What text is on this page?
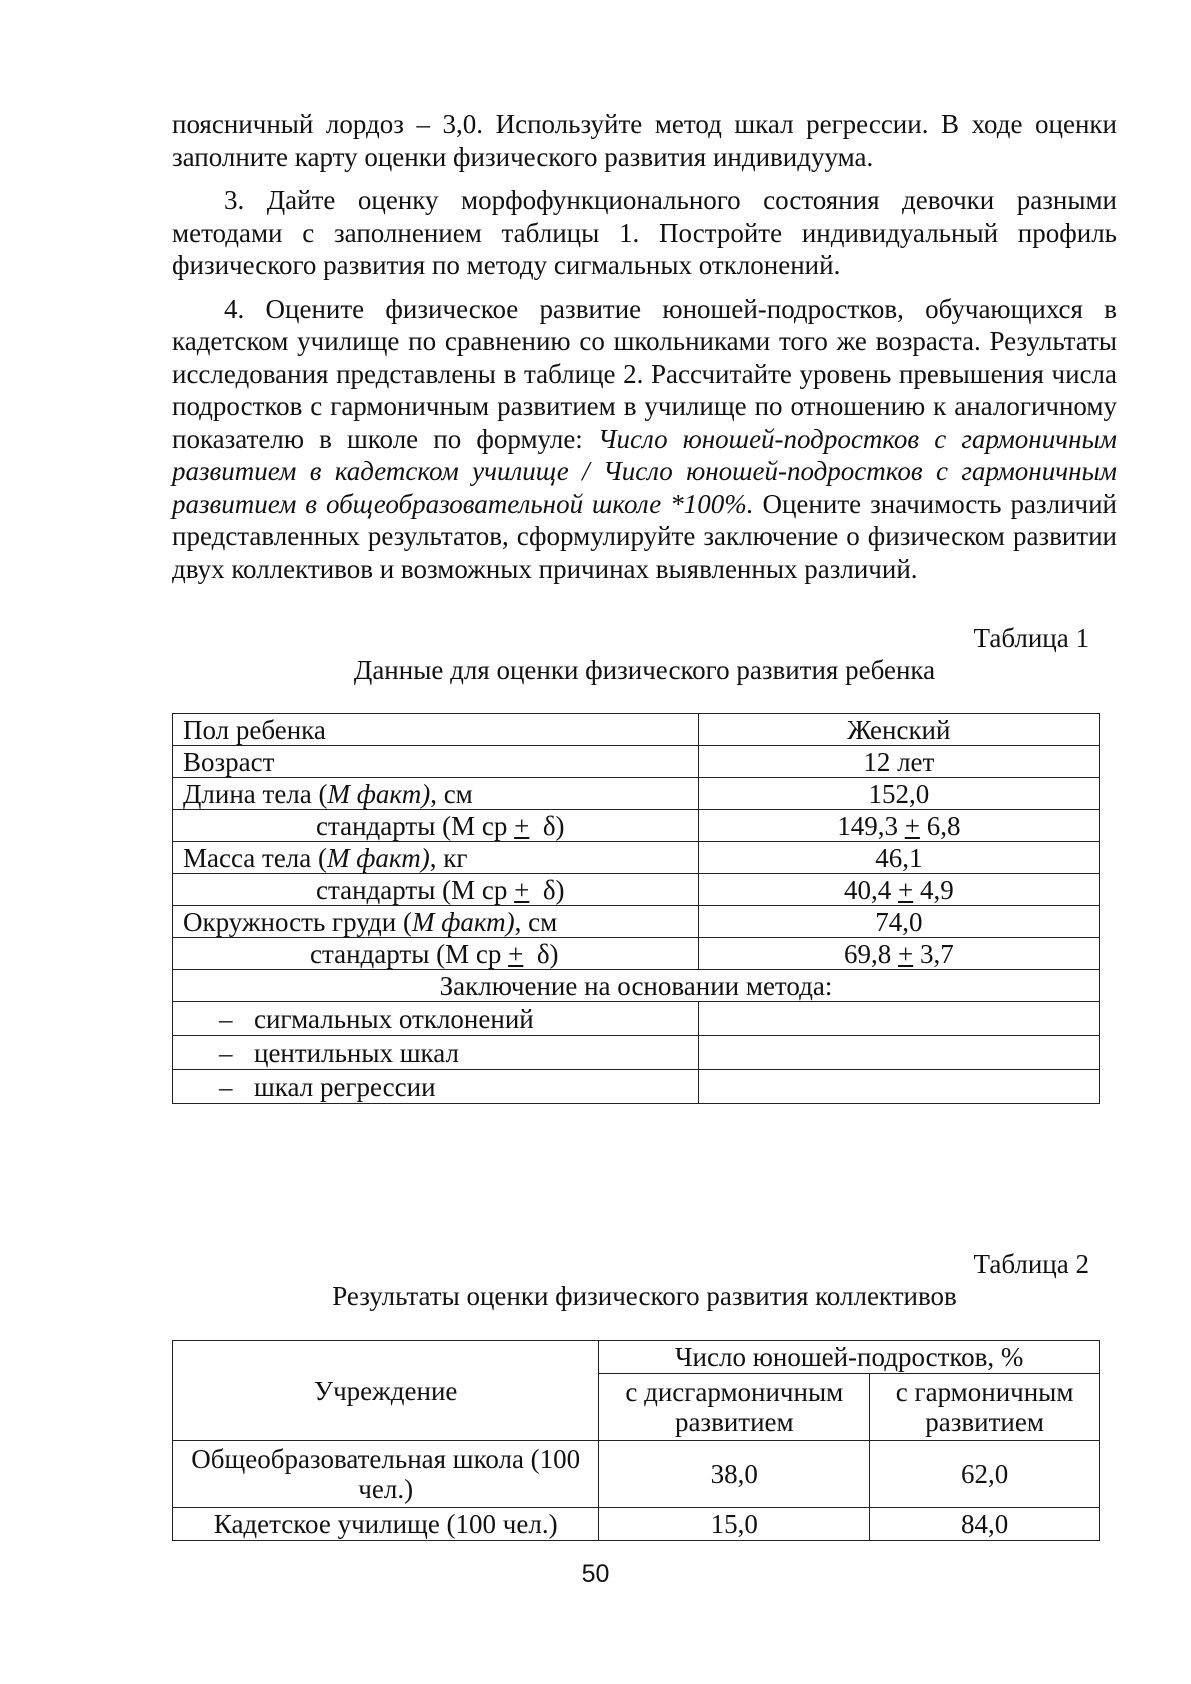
поясничный лордоз – 3,0. Используйте метод шкал регрессии. В ходе оценки заполните карту оценки физического развития индивидуума.

3. Дайте оценку морфофункционального состояния девочки разными методами с заполнением таблицы 1. Постройте индивидуальный профиль физического развития по методу сигмальных отклонений.

4. Оцените физическое развитие юношей-подростков, обучающихся в кадетском училище по сравнению со школьниками того же возраста. Результаты исследования представлены в таблице 2. Рассчитайте уровень превышения числа подростков с гармоничным развитием в училище по отношению к аналогичному показателю в школе по формуле: Число юношей-подростков с гармоничным развитием в кадетском училище / Число юношей-подростков с гармоничным развитием в общеобразовательной школе *100%. Оцените значимость различий представленных результатов, сформулируйте заключение о физическом развитии двух коллективов и возможных причинах выявленных различий.

Таблица 1
Данные для оценки физического развития ребенка
Пол ребенка	Женский
Возраст	12 лет
Длина тела (М факт), см	152,0
стандарты (М ср +  δ)	149,3 + 6,8
Масса тела (М факт), кг	46,1
стандарты (М ср +  δ)	40,4 + 4,9
Окружность груди (М факт), см	74,0
стандарты (М ср +  δ)	69,8 + 3,7
Заключение на основании метода:	
– сигмальных отклонений	
– центильных шкал	
– шкал регрессии	
Таблица 2
Результаты оценки физического развития коллективов
Учреждение	Число юношей-подростков, %	
	с дисгармоничным развитием	с гармоничным развитием
Общеобразовательная школа (100 чел.)	38,0	62,0
Кадетское училище (100 чел.)	15,0	84,0
50
